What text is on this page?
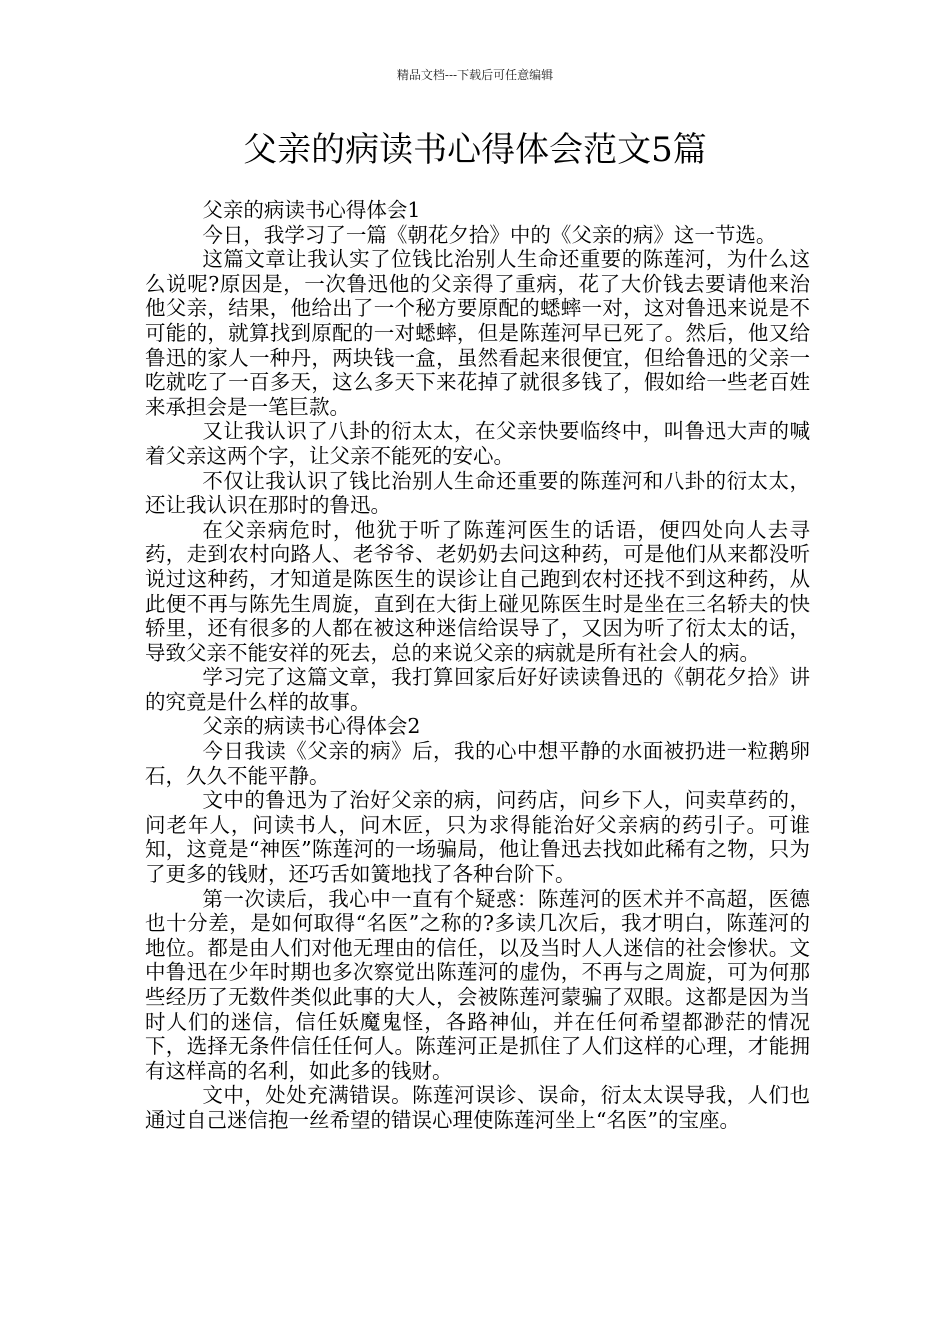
精品文档---下载后可任意编辑
父亲的病读书心得体会范文5篇

父亲的病读书心得体会1

今日，我学习了一篇《朝花夕拾》中的《父亲的病》这一节选。

这篇文章让我认实了位钱比治别人生命还重要的陈莲河，为什么这么说呢?原因是，一次鲁迅他的父亲得了重病，花了大价钱去要请他来治他父亲，结果，他给出了一个秘方要原配的蟋蟀一对，这对鲁迅来说是不可能的，就算找到原配的一对蟋蟀，但是陈莲河早已死了。然后，他又给鲁迅的家人一种丹，两块钱一盒，虽然看起来很便宜，但给鲁迅的父亲一吃就吃了一百多天，这么多天下来花掉了就很多钱了，假如给一些老百姓来承担会是一笔巨款。

又让我认识了八卦的衍太太，在父亲快要临终中，叫鲁迅大声的喊着父亲这两个字，让父亲不能死的安心。

不仅让我认识了钱比治别人生命还重要的陈莲河和八卦的衍太太，还让我认识在那时的鲁迅。

在父亲病危时，他犹于听了陈莲河医生的话语，便四处向人去寻药，走到农村向路人、老爷爷、老奶奶去问这种药，可是他们从来都没听说过这种药，才知道是陈医生的误诊让自己跑到农村还找不到这种药，从此便不再与陈先生周旋，直到在大街上碰见陈医生时是坐在三名轿夫的快轿里，还有很多的人都在被这种迷信给误导了，又因为听了衍太太的话，导致父亲不能安祥的死去，总的来说父亲的病就是所有社会人的病。

学习完了这篇文章，我打算回家后好好读读鲁迅的《朝花夕拾》讲的究竟是什么样的故事。

父亲的病读书心得体会2

今日我读《父亲的病》后，我的心中想平静的水面被扔进一粒鹅卵石，久久不能平静。

文中的鲁迅为了治好父亲的病，问药店，问乡下人，问卖草药的，问老年人，问读书人，问木匠，只为求得能治好父亲病的药引子。可谁知，这竟是“神医”陈莲河的一场骗局，他让鲁迅去找如此稀有之物，只为了更多的钱财，还巧舌如簧地找了各种台阶下。

第一次读后，我心中一直有个疑惑：陈莲河的医术并不高超，医德也十分差，是如何取得“名医”之称的?多读几次后，我才明白，陈莲河的地位。都是由人们对他无理由的信任，以及当时人人迷信的社会惨状。文中鲁迅在少年时期也多次察觉出陈莲河的虚伪，不再与之周旋，可为何那些经历了无数件类似此事的大人，会被陈莲河蒙骗了双眼。这都是因为当时人们的迷信，信任妖魔鬼怪，各路神仙，并在任何希望都渺茫的情况下，选择无条件信任任何人。陈莲河正是抓住了人们这样的心理，才能拥有这样高的名利，如此多的钱财。

文中，处处充满错误。陈莲河误诊、误命，衍太太误导我，人们也通过自己迷信抱一丝希望的错误心理使陈莲河坐上“名医”的宝座。
